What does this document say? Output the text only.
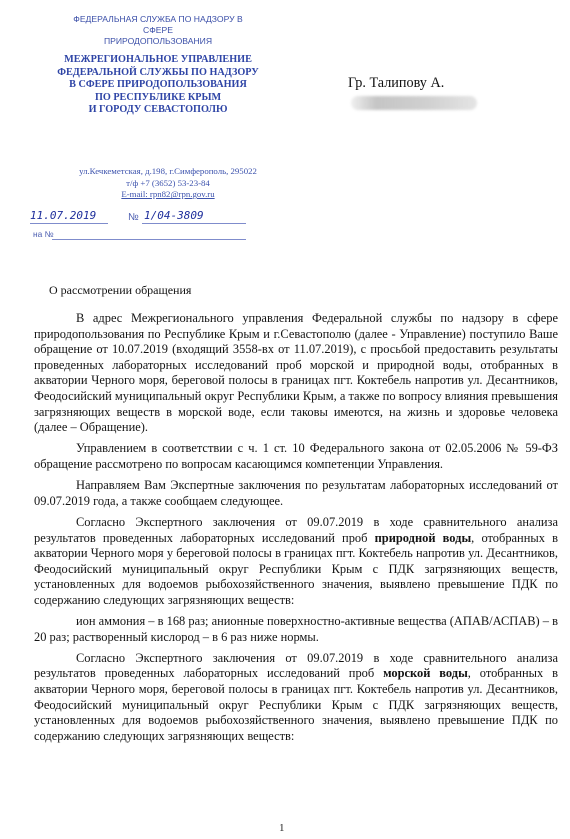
ФЕДЕРАЛЬНАЯ СЛУЖБА ПО НАДЗОРУ В СФЕРЕ
ПРИРОДОПОЛЬЗОВАНИЯ
МЕЖРЕГИОНАЛЬНОЕ УПРАВЛЕНИЕ
ФЕДЕРАЛЬНОЙ СЛУЖБЫ ПО НАДЗОРУ
В СФЕРЕ ПРИРОДОПОЛЬЗОВАНИЯ
ПО РЕСПУБЛИКЕ КРЫМ
И ГОРОДУ СЕВАСТОПОЛЮ
ул.Кечкеметская, д.198, г.Симферополь, 295022
т/ф +7 (3652) 53-23-84
E-mail: rpn82@rpn.gov.ru
11.07.2019	№ 1/04-3809
на №
Гр. Талипову А.
О рассмотрении обращения

В адрес Межрегионального управления Федеральной службы по надзору в сфере природопользования по Республике Крым и г.Севастополю (далее - Управление) поступило Ваше обращение от 10.07.2019 (входящий 3558-вх от 11.07.2019), с просьбой предоставить результаты проведенных лабораторных исследований проб морской и природной воды, отобранных в акватории Черного моря, береговой полосы в границах пгт. Коктебель напротив ул. Десантников, Феодосийский муниципальный округ Республики Крым, а также по вопросу влияния превышения загрязняющих веществ в морской воде, если таковы имеются, на жизнь и здоровье человека (далее – Обращение).

Управлением в соответствии с ч. 1 ст. 10 Федерального закона от 02.05.2006 № 59-ФЗ обращение рассмотрено по вопросам касающимся компетенции Управления.

Направляем Вам Экспертные заключения по результатам лабораторных исследований от 09.07.2019 года, а также сообщаем следующее.

Согласно Экспертного заключения от 09.07.2019 в ходе сравнительного анализа результатов проведенных лабораторных исследований проб природной воды, отобранных в акватории Черного моря у береговой полосы в границах пгт. Коктебель напротив ул. Десантников, Феодосийский муниципальный округ Республики Крым с ПДК загрязняющих веществ, установленных для водоемов рыбохозяйственного значения, выявлено превышение ПДК по содержанию следующих загрязняющих веществ:

ион аммония – в 168 раз; анионные поверхностно-активные вещества (АПАВ/АСПАВ) – в 20 раз; растворенный кислород – в 6 раз ниже нормы.

Согласно Экспертного заключения от 09.07.2019 в ходе сравнительного анализа результатов проведенных лабораторных исследований проб морской воды, отобранных в акватории Черного моря, береговой полосы в границах пгт. Коктебель напротив ул. Десантников, Феодосийский муниципальный округ Республики Крым с ПДК загрязняющих веществ, установленных для водоемов рыбохозяйственного значения, выявлено превышение ПДК по содержанию следующих загрязняющих веществ:

1
